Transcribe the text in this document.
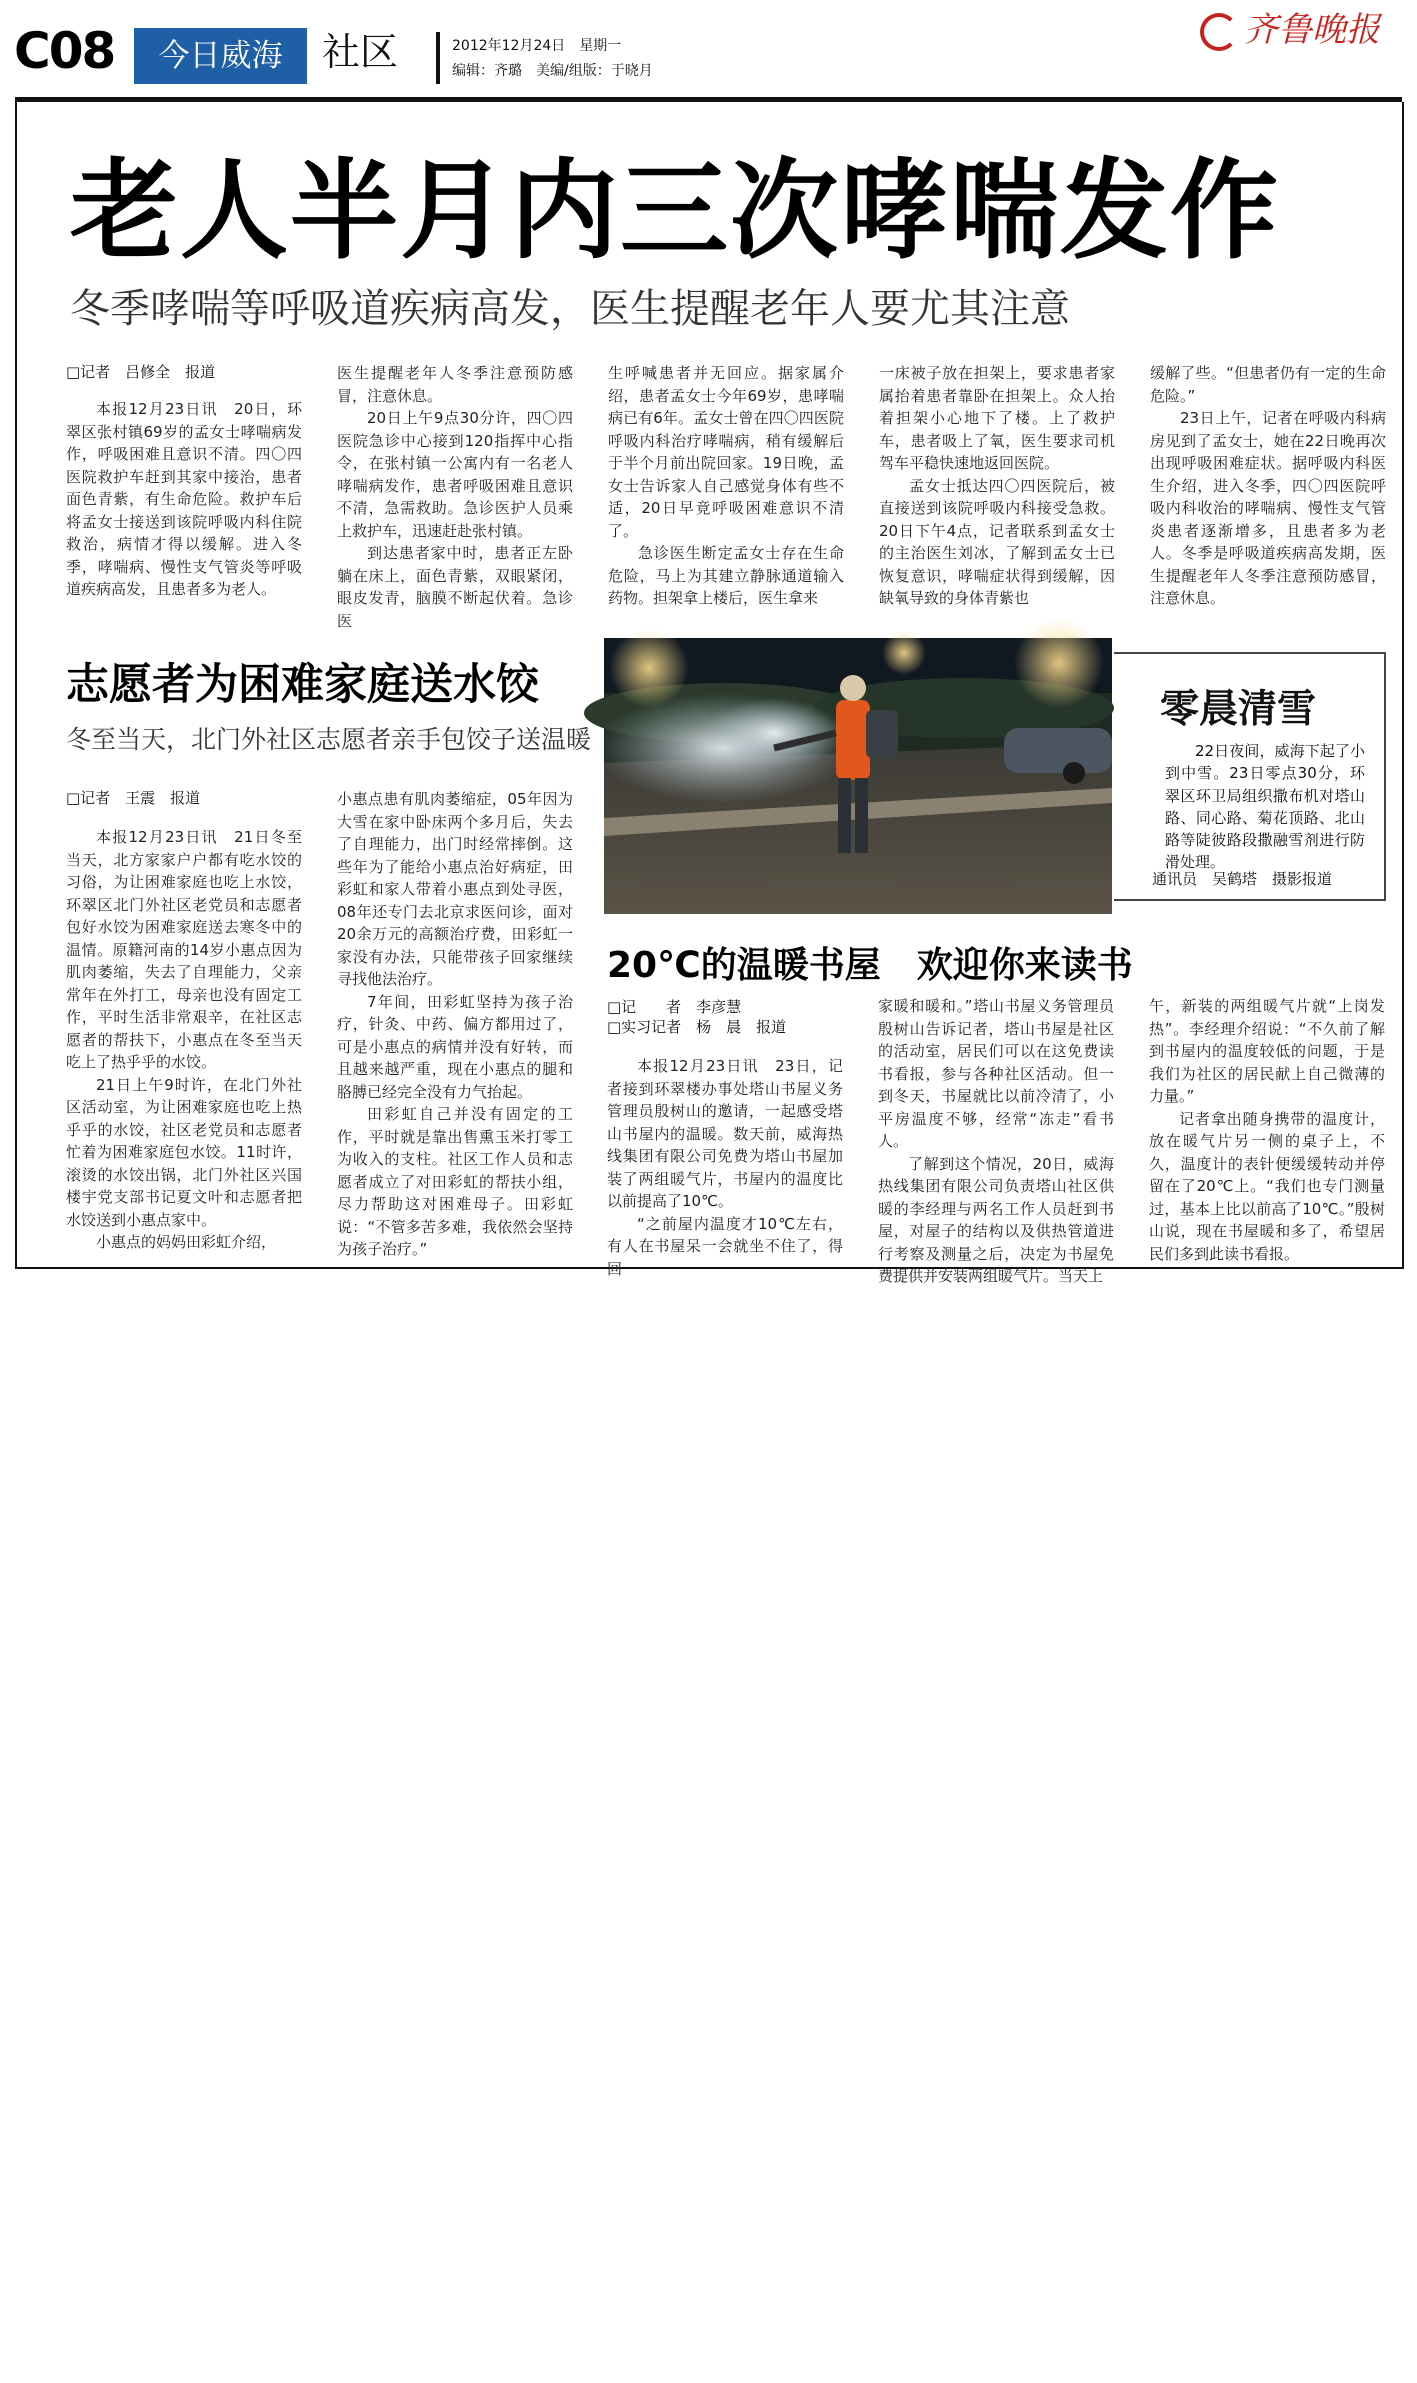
C08	今日威海	社区	2012年12月24日　星期一
编辑：齐璐　美编/组版：于晓月
齐鲁晚报
老人半月内三次哮喘发作
冬季哮喘等呼吸道疾病高发，医生提醒老年人要尤其注意
□记者　吕修全　报道

本报12月23日讯　20日，环翠区张村镇69岁的孟女士哮喘病发作，呼吸困难且意识不清。四〇四医院救护车赶到其家中接治，患者面色青紫，有生命危险。救护车后将孟女士接送到该院呼吸内科住院救治，病情才得以缓解。进入冬季，哮喘病、慢性支气管炎等呼吸道疾病高发，且患者多为老人。

医生提醒老年人冬季注意预防感冒，注意休息。

20日上午9点30分许，四〇四医院急诊中心接到120指挥中心指令，在张村镇一公寓内有一名老人哮喘病发作，患者呼吸困难且意识不清，急需救助。急诊医护人员乘上救护车，迅速赶赴张村镇。

到达患者家中时，患者正左卧躺在床上，面色青紫，双眼紧闭，眼皮发青，脑膜不断起伏着。急诊医

生呼喊患者并无回应。据家属介绍，患者孟女士今年69岁，患哮喘病已有6年。孟女士曾在四〇四医院呼吸内科治疗哮喘病，稍有缓解后于半个月前出院回家。19日晚，孟女士告诉家人自己感觉身体有些不适，20日早竟呼吸困难意识不清了。

急诊医生断定孟女士存在生命危险，马上为其建立静脉通道输入药物。担架拿上楼后，医生拿来

一床被子放在担架上，要求患者家属抬着患者靠卧在担架上。众人抬着担架小心地下了楼。上了救护车，患者吸上了氧，医生要求司机驾车平稳快速地返回医院。

孟女士抵达四〇四医院后，被直接送到该院呼吸内科接受急救。20日下午4点，记者联系到孟女士的主治医生刘冰，了解到孟女士已恢复意识，哮喘症状得到缓解，因缺氧导致的身体青紫也

缓解了些。“但患者仍有一定的生命危险。”

23日上午，记者在呼吸内科病房见到了孟女士，她在22日晚再次出现呼吸困难症状。据呼吸内科医生介绍，进入冬季，四〇四医院呼吸内科收治的哮喘病、慢性支气管炎患者逐渐增多，且患者多为老人。冬季是呼吸道疾病高发期，医生提醒老年人冬季注意预防感冒，注意休息。

志愿者为困难家庭送水饺
冬至当天，北门外社区志愿者亲手包饺子送温暖
□记者　王震　报道

本报12月23日讯　21日冬至当天，北方家家户户都有吃水饺的习俗，为让困难家庭也吃上水饺，环翠区北门外社区老党员和志愿者包好水饺为困难家庭送去寒冬中的温情。原籍河南的14岁小惠点因为肌肉萎缩，失去了自理能力，父亲常年在外打工，母亲也没有固定工作，平时生活非常艰辛，在社区志愿者的帮扶下，小惠点在冬至当天吃上了热乎乎的水饺。

21日上午9时许，在北门外社区活动室，为让困难家庭也吃上热乎乎的水饺，社区老党员和志愿者忙着为困难家庭包水饺。11时许，滚烫的水饺出锅，北门外社区兴国楼宇党支部书记夏文叶和志愿者把水饺送到小惠点家中。

小惠点的妈妈田彩虹介绍，

小惠点患有肌肉萎缩症，05年因为大雪在家中卧床两个多月后，失去了自理能力，出门时经常摔倒。这些年为了能给小惠点治好病症，田彩虹和家人带着小惠点到处寻医，08年还专门去北京求医问诊，面对20余万元的高额治疗费，田彩虹一家没有办法，只能带孩子回家继续寻找他法治疗。

7年间，田彩虹坚持为孩子治疗，针灸、中药、偏方都用过了，可是小惠点的病情并没有好转，而且越来越严重，现在小惠点的腿和胳膊已经完全没有力气抬起。

田彩虹自己并没有固定的工作，平时就是靠出售熏玉米打零工为收入的支柱。社区工作人员和志愿者成立了对田彩虹的帮扶小组，尽力帮助这对困难母子。田彩虹说：“不管多苦多难，我依然会坚持为孩子治疗。”

零晨清雪

22日夜间，威海下起了小到中雪。23日零点30分，环翠区环卫局组织撒布机对塔山路、同心路、菊花顶路、北山路等陡彼路段撒融雪剂进行防滑处理。

通讯员　吴鹤塔　摄影报道
20℃的温暖书屋　欢迎你来读书
□记　　者　李彦慧
□实习记者　杨　晨　报道

本报12月23日讯　23日，记者接到环翠楼办事处塔山书屋义务管理员殷树山的邀请，一起感受塔山书屋内的温暖。数天前，威海热线集团有限公司免费为塔山书屋加装了两组暖气片，书屋内的温度比以前提高了10℃。

“之前屋内温度才10℃左右，有人在书屋呆一会就坐不住了，得回

家暖和暖和。”塔山书屋义务管理员殷树山告诉记者，塔山书屋是社区的活动室，居民们可以在这免费读书看报，参与各种社区活动。但一到冬天，书屋就比以前冷清了，小平房温度不够，经常“冻走”看书人。

了解到这个情况，20日，威海热线集团有限公司负责塔山社区供暖的李经理与两名工作人员赶到书屋，对屋子的结构以及供热管道进行考察及测量之后，决定为书屋免费提供并安装两组暖气片。当天上

午，新装的两组暖气片就“上岗发热”。李经理介绍说：“不久前了解到书屋内的温度较低的问题，于是我们为社区的居民献上自己微薄的力量。”

记者拿出随身携带的温度计，放在暖气片另一侧的桌子上，不久，温度计的表针便缓缓转动并停留在了20℃上。“我们也专门测量过，基本上比以前高了10℃。”殷树山说，现在书屋暖和多了，希望居民们多到此读书看报。
